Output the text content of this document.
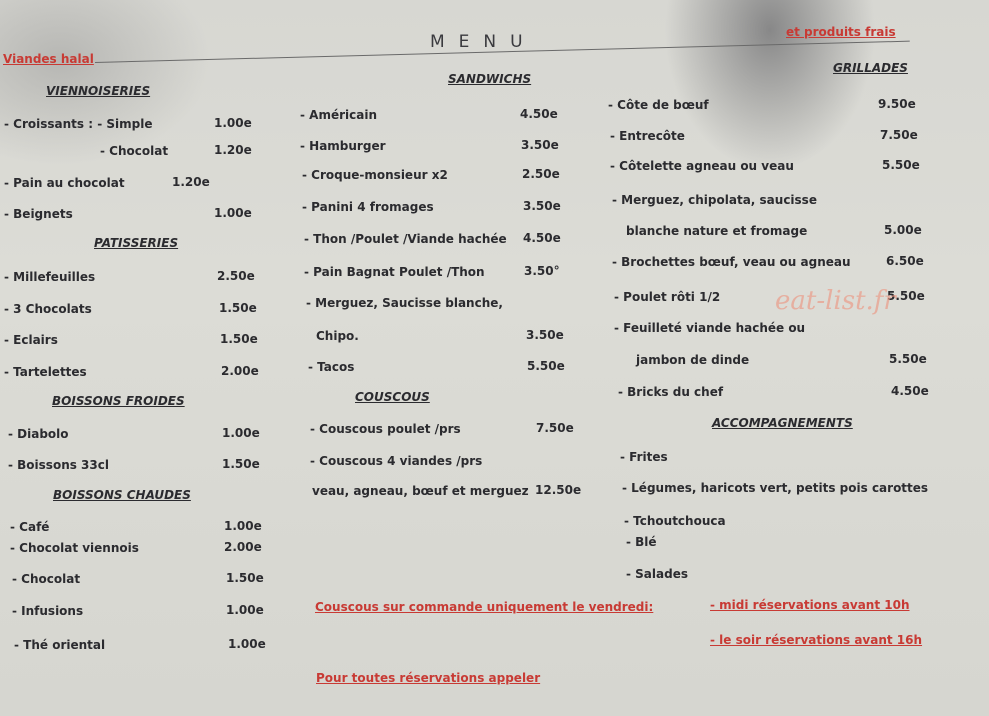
MENU
Viandes halal
et produits frais
VIENNOISERIES
- Croissants : - Simple	1.00e
- Chocolat	1.20e
- Pain au chocolat	1.20e
- Beignets	1.00e
PATISSERIES
- Millefeuilles	2.50e
- 3 Chocolats	1.50e
- Eclairs	1.50e
- Tartelettes	2.00e
BOISSONS FROIDES
- Diabolo	1.00e
- Boissons 33cl	1.50e
BOISSONS CHAUDES
- Café	1.00e
- Chocolat viennois	2.00e
- Chocolat	1.50e
- Infusions	1.00e
- Thé oriental	1.00e
SANDWICHS
- Américain	4.50e
- Hamburger	3.50e
- Croque-monsieur x2	2.50e
- Panini 4 fromages	3.50e
- Thon /Poulet /Viande hachée 4.50e
- Pain Bagnat Poulet /Thon	3.50°
- Merguez, Saucisse blanche,
Chipo.	3.50e
- Tacos	5.50e
COUSCOUS
- Couscous poulet /prs	7.50e
- Couscous 4 viandes /prs
veau, agneau, bœuf et merguez 12.50e
GRILLADES
- Côte de bœuf	9.50e
- Entrecôte	7.50e
- Côtelette agneau ou veau	5.50e
- Merguez, chipolata, saucisse
blanche nature et fromage	5.00e
- Brochettes bœuf, veau ou agneau	6.50e
- Poulet rôti 1/2	5.50e
- Feuilleté viande hachée ou
jambon de dinde	5.50e
- Bricks du chef	4.50e
ACCOMPAGNEMENTS
- Frites
- Légumes, haricots vert, petits pois carottes
- Tchoutchouca
- Blé
- Salades
Couscous sur commande uniquement le vendredi:	- midi réservations avant 10h
- le soir réservations avant 16h
Pour toutes réservations appeler
eat-list.fr
